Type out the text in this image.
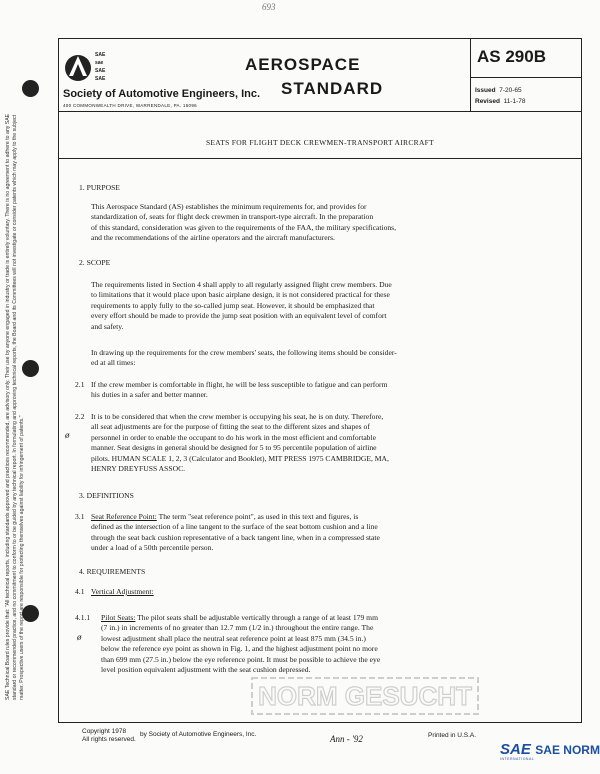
693
SAE Technical Board rules provide that: "All technical reports, including standards approved and practices recommended, are advisory only. Their use by anyone engaged in industry or trade is entirely voluntary. There is no agreement to adhere to any SAE standard or recommended practice, and no commitment to conform to or be guided by any technical report. In formulating and approving technical reports, the Board and its Committees will not investigate or consider patents which may apply to the subject matter. Prospective users of the report are responsible for protecting themselves against liability for infringement of patents."
SAE
sae
SAE
SAE
AEROSPACE
STANDARD
Society of Automotive Engineers, Inc.
400 COMMONWEALTH DRIVE, WARRENDALE, PA. 15096
AS 290B
Issued 7-20-65
Revised 11-1-78
SEATS FOR FLIGHT DECK CREWMEN-TRANSPORT AIRCRAFT
1. PURPOSE
This Aerospace Standard (AS) establishes the minimum requirements for, and provides for
standardization of, seats for flight deck crewmen in transport-type aircraft. In the preparation
of this standard, consideration was given to the requirements of the FAA, the military specifications,
and the recommendations of the airline operators and the aircraft manufacturers.
2. SCOPE
The requirements listed in Section 4 shall apply to all regularly assigned flight crew members. Due
to limitations that it would place upon basic airplane design, it is not considered practical for these
requirements to apply fully to the so-called jump seat. However, it should be emphasized that
every effort should be made to provide the jump seat position with an equivalent level of comfort
and safety.
In drawing up the requirements for the crew members' seats, the following items should be consider-
ed at all times:
2.1 If the crew member is comfortable in flight, he will be less susceptible to fatigue and can perform
his duties in a safer and better manner.
2.2
ø
It is to be considered that when the crew member is occupying his seat, he is on duty. Therefore,
all seat adjustments are for the purpose of fitting the seat to the different sizes and shapes of
personnel in order to enable the occupant to do his work in the most efficient and comfortable
manner. Seat designs in general should be designed for 5 to 95 percentile population of airline
pilots. HUMAN SCALE 1, 2, 3 (Calculator and Booklet), MIT PRESS 1975 CAMBRIDGE, MA,
HENRY DREYFUSS ASSOC.
3. DEFINITIONS
3.1 Seat Reference Point: The term "seat reference point", as used in this text and figures, is
defined as the intersection of a line tangent to the surface of the seat bottom cushion and a line
through the seat back cushion representative of a back tangent line, when in a compressed state
under a load of a 50th percentile person.
4. REQUIREMENTS
4.1 Vertical Adjustment:
4.1.1
ø
Pilot Seats: The pilot seats shall be adjustable vertically through a range of at least 179 mm
(7 in.) in increments of no greater than 12.7 mm (1/2 in.) throughout the entire range. The
lowest adjustment shall place the neutral seat reference point at least 875 mm (34.5 in.)
below the reference eye point as shown in Fig. 1, and the highest adjustment point no more
than 699 mm (27.5 in.) below the eye reference point. It must be possible to achieve the eye
level position equivalent adjustment with the seat cushion depressed.
NORM GESUCHT
Copyright 1978
All rights reserved.
by Society of Automotive Engineers, Inc.	Ann - '92	Printed in U.S.A.
SAE SAE NORM
INTERNATIONAL
